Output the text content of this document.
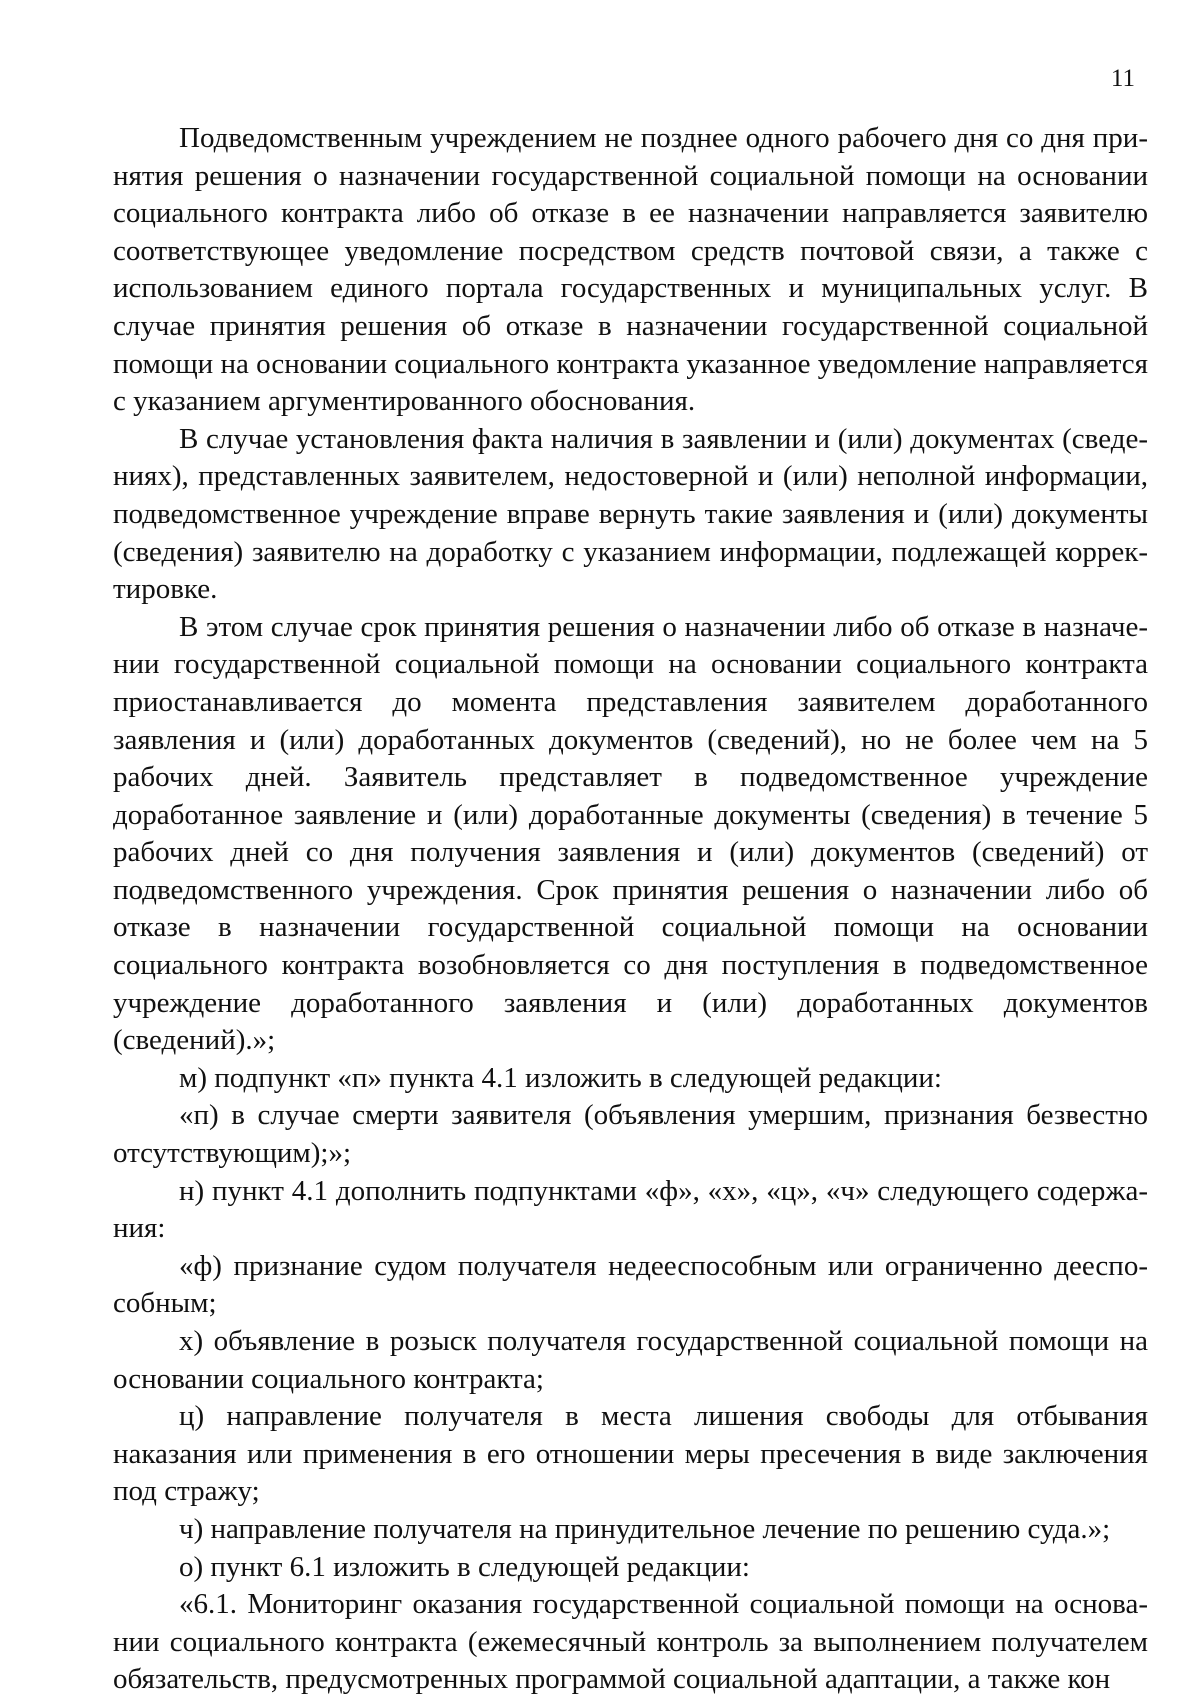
11

Подведомственным учреждением не позднее одного рабочего дня со дня принятия решения о назначении государственной социальной помощи на основании социального контракта либо об отказе в ее назначении направляется заявителю соответствующее уведомление посредством средств почтовой связи, а также с использованием единого портала государственных и муниципальных услуг. В случае принятия решения об отказе в назначении государственной социальной помощи на основании социального контракта указанное уведомление направляется с указанием аргументированного обоснования.

В случае установления факта наличия в заявлении и (или) документах (сведениях), представленных заявителем, недостоверной и (или) неполной информации, подведомственное учреждение вправе вернуть такие заявления и (или) документы (сведения) заявителю на доработку с указанием информации, подлежащей корректировке.

В этом случае срок принятия решения о назначении либо об отказе в назначении государственной социальной помощи на основании социального контракта приостанавливается до момента представления заявителем доработанного заявления и (или) доработанных документов (сведений), но не более чем на 5 рабочих дней. Заявитель представляет в подведомственное учреждение доработанное заявление и (или) доработанные документы (сведения) в течение 5 рабочих дней со дня получения заявления и (или) документов (сведений) от подведомственного учреждения. Срок принятия решения о назначении либо об отказе в назначении государственной социальной помощи на основании социального контракта возобновляется со дня поступления в подведомственное учреждение доработанного заявления и (или) доработанных документов (сведений).»;

м) подпункт «п» пункта 4.1 изложить в следующей редакции:

«п) в случае смерти заявителя (объявления умершим, признания безвестно отсутствующим);»;

н) пункт 4.1 дополнить подпунктами «ф», «х», «ц», «ч» следующего содержания:

«ф) признание судом получателя недееспособным или ограниченно дееспособным;

х) объявление в розыск получателя государственной социальной помощи на основании социального контракта;

ц) направление получателя в места лишения свободы для отбывания наказания или применения в его отношении меры пресечения в виде заключения под стражу;

ч) направление получателя на принудительное лечение по решению суда.»;

о) пункт 6.1 изложить в следующей редакции:

«6.1. Мониторинг оказания государственной социальной помощи на основании социального контракта (ежемесячный контроль за выполнением получателем обязательств, предусмотренных программой социальной адаптации, а также кон
